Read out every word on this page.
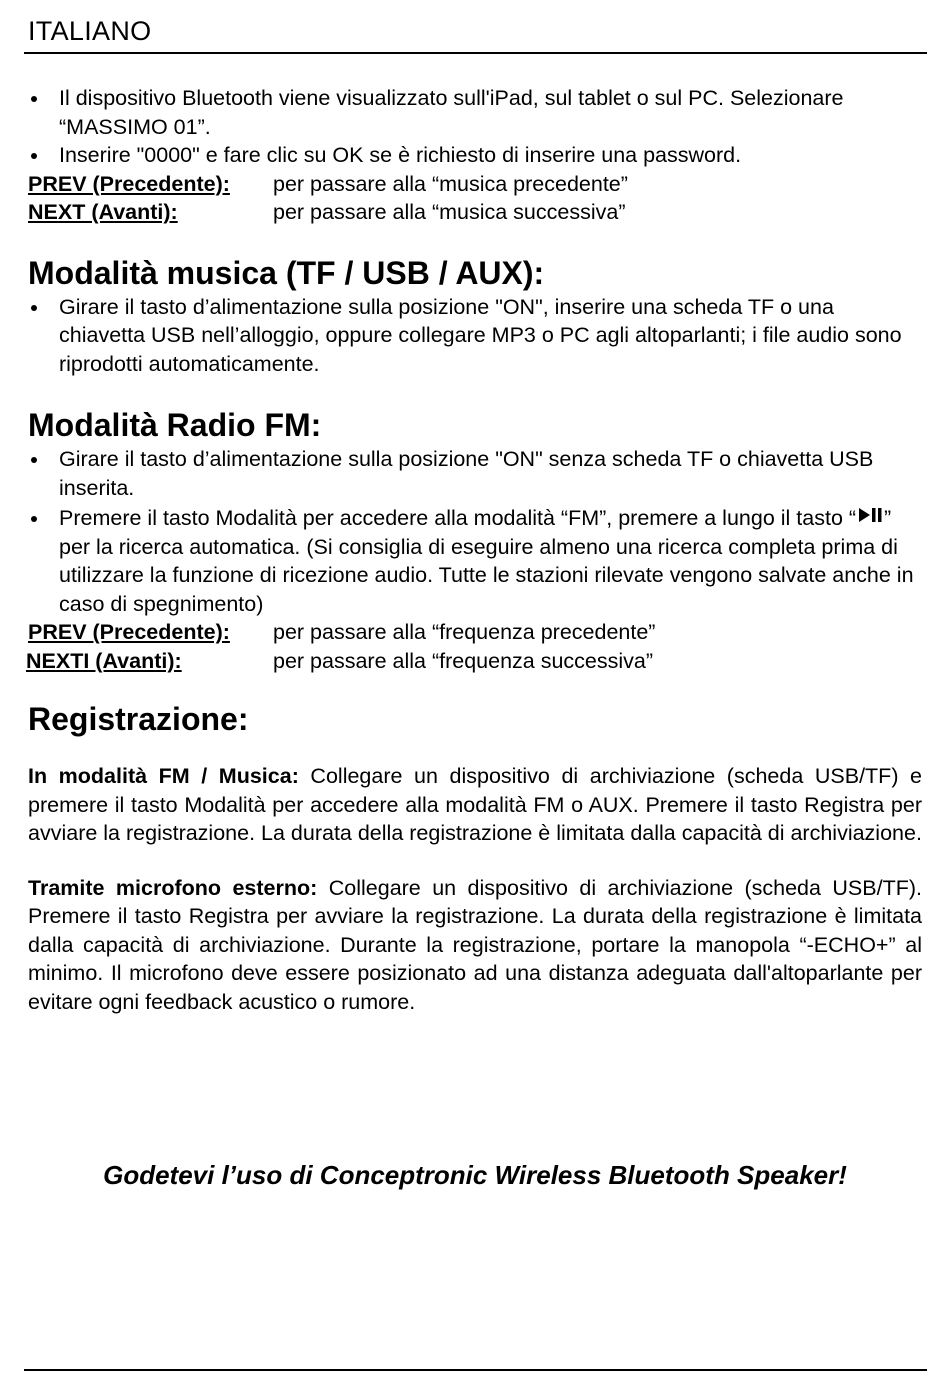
ITALIANO
Il dispositivo Bluetooth viene visualizzato sull'iPad, sul tablet o sul PC. Selezionare “MASSIMO 01”.
Inserire "0000" e fare clic su OK se è richiesto di inserire una password.
PREV (Precedente):	per passare alla “musica precedente”
NEXT (Avanti):	per passare alla “musica successiva”
Modalità musica (TF / USB / AUX):
Girare il tasto d’alimentazione sulla posizione "ON", inserire una scheda TF o una chiavetta USB nell’alloggio, oppure collegare MP3 o PC agli altoparlanti; i file audio sono riprodotti automaticamente.
Modalità Radio FM:
Girare il tasto d’alimentazione sulla posizione "ON" senza scheda TF o chiavetta USB inserita.
Premere il tasto Modalità per accedere alla modalità “FM”, premere a lungo il tasto “ ” per la ricerca automatica. (Si consiglia di eseguire almeno una ricerca completa prima di utilizzare la funzione di ricezione audio. Tutte le stazioni rilevate vengono salvate anche in caso di spegnimento)
PREV (Precedente):	per passare alla “frequenza precedente”
NEXTI (Avanti):	per passare alla “frequenza successiva”
Registrazione:

In modalità FM / Musica: Collegare un dispositivo di archiviazione (scheda USB/TF) e premere il tasto Modalità per accedere alla modalità FM o AUX. Premere il tasto Registra per avviare la registrazione. La durata della registrazione è limitata dalla capacità di archiviazione.

Tramite microfono esterno: Collegare un dispositivo di archiviazione (scheda USB/TF). Premere il tasto Registra per avviare la registrazione. La durata della registrazione è limitata dalla capacità di archiviazione. Durante la registrazione, portare la manopola “-ECHO+” al minimo. Il microfono deve essere posizionato ad una distanza adeguata dall'altoparlante per evitare ogni feedback acustico o rumore.

Godetevi l’uso di Conceptronic Wireless Bluetooth Speaker!
